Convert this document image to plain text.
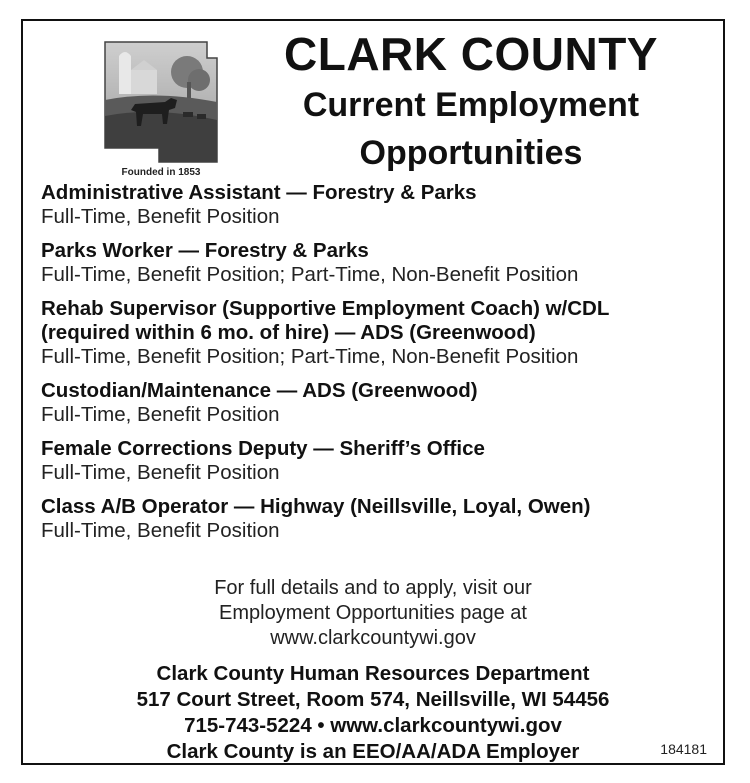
Founded in 1853
CLARK COUNTY
Current Employment
Opportunities
Administrative Assistant — Forestry & Parks
Full-Time, Benefit Position
Parks Worker — Forestry & Parks
Full-Time, Benefit Position; Part-Time, Non-Benefit Position
Rehab Supervisor (Supportive Employment Coach) w/CDL
(required within 6 mo. of hire) — ADS (Greenwood)
Full-Time, Benefit Position; Part-Time, Non-Benefit Position
Custodian/Maintenance — ADS (Greenwood)
Full-Time, Benefit Position
Female Corrections Deputy — Sheriff’s Office
Full-Time, Benefit Position
Class A/B Operator — Highway (Neillsville, Loyal, Owen)
Full-Time, Benefit Position
For full details and to apply, visit our
Employment Opportunities page at
www.clarkcountywi.gov
Clark County Human Resources Department
517 Court Street, Room 574, Neillsville, WI 54456
715-743-5224 • www.clarkcountywi.gov
Clark County is an EEO/AA/ADA Employer	184181
